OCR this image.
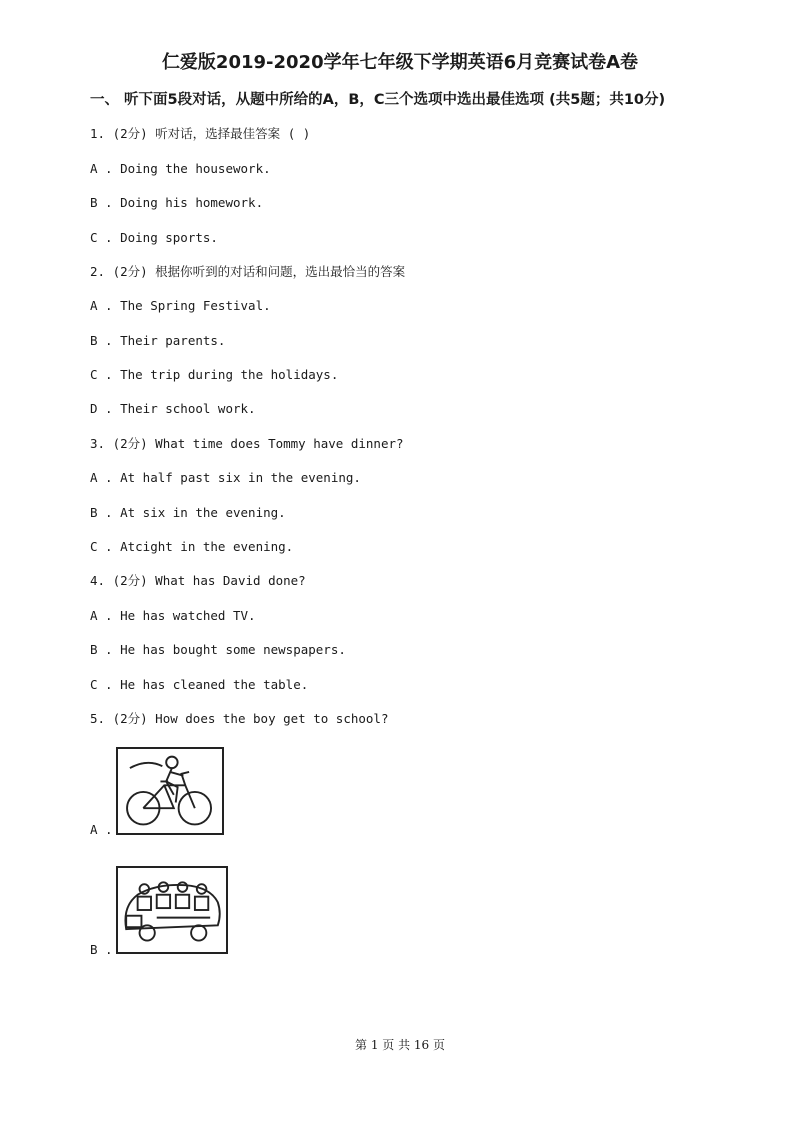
仁爱版2019-2020学年七年级下学期英语6月竞赛试卷A卷
一、 听下面5段对话，从题中所给的A，B，C三个选项中选出最佳选项 (共5题；共10分)
1. (2分) 听对话，选择最佳答案 ( )
A . Doing the housework.
B . Doing his homework.
C . Doing sports.
2. (2分) 根据你听到的对话和问题，选出最恰当的答案
A . The Spring Festival.
B . Their parents.
C . The trip during the holidays.
D . Their school work.
3. (2分) What time does Tommy have dinner?
A . At half past six in the evening.
B . At six in the evening.
C . Atcight in the evening.
4. (2分) What has David done?
A . He has watched TV.
B . He has bought some newspapers.
C . He has cleaned the table.
5. (2分) How does the boy get to school?
A .
B .
第 1 页 共 16 页
